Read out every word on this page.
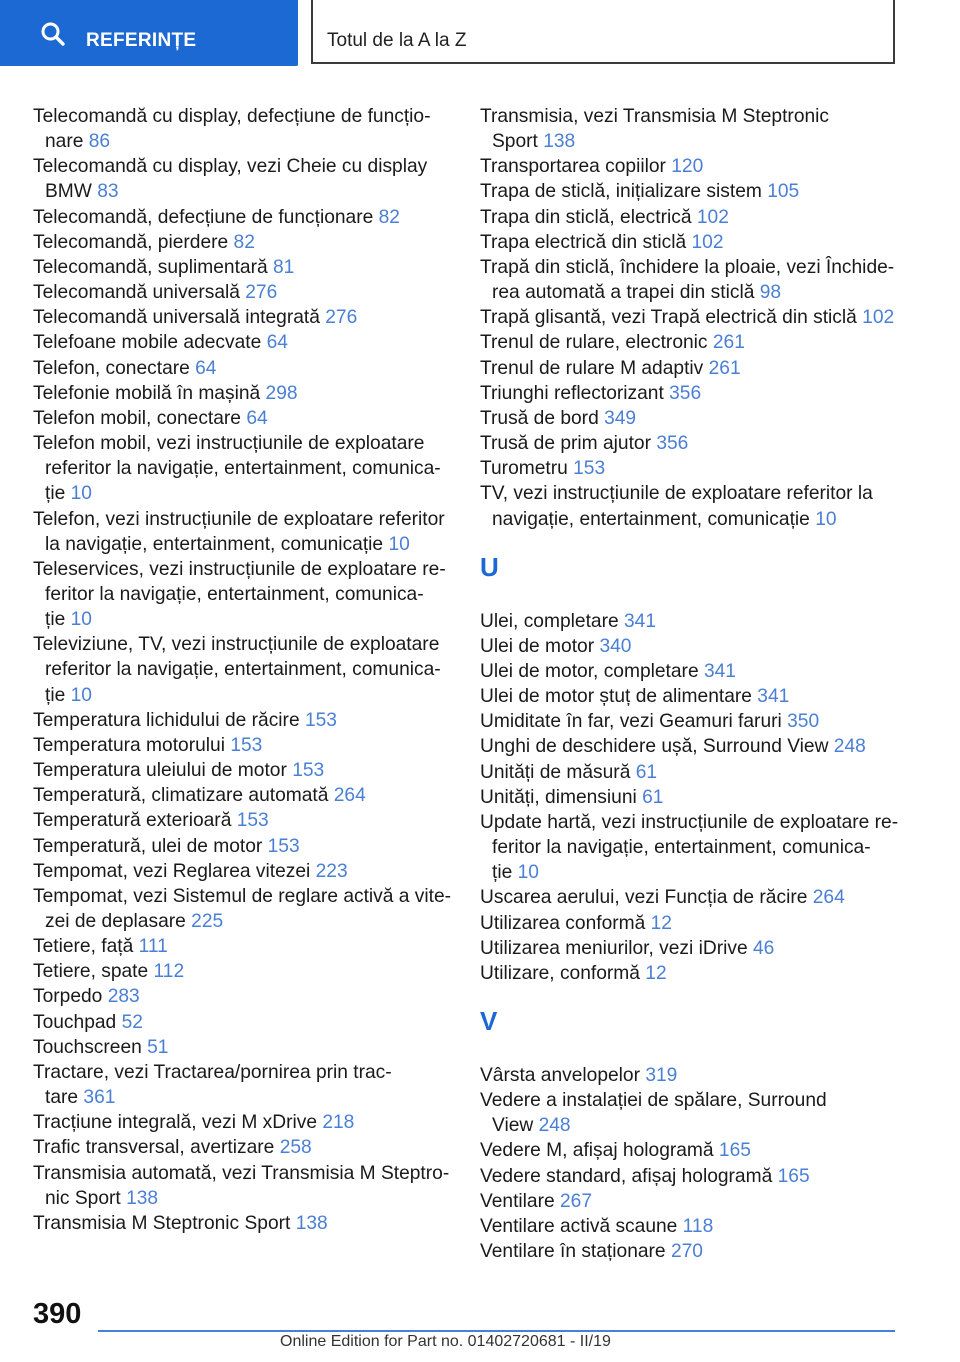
REFERINȚE	Totul de la A la Z
Telecomandă cu display, defecțiune de funcțio-
nare 86
Telecomandă cu display, vezi Cheie cu display
BMW 83
Telecomandă, defecțiune de funcționare 82
Telecomandă, pierdere 82
Telecomandă, suplimentară 81
Telecomandă universală 276
Telecomandă universală integrată 276
Telefoane mobile adecvate 64
Telefon, conectare 64
Telefonie mobilă în mașină 298
Telefon mobil, conectare 64
Telefon mobil, vezi instrucțiunile de exploatare
referitor la navigație, entertainment, comunica-
ție 10
Telefon, vezi instrucțiunile de exploatare referitor
la navigație, entertainment, comunicație 10
Teleservices, vezi instrucțiunile de exploatare re-
feritor la navigație, entertainment, comunica-
ție 10
Televiziune, TV, vezi instrucțiunile de exploatare
referitor la navigație, entertainment, comunica-
ție 10
Temperatura lichidului de răcire 153
Temperatura motorului 153
Temperatura uleiului de motor 153
Temperatură, climatizare automată 264
Temperatură exterioară 153
Temperatură, ulei de motor 153
Tempomat, vezi Reglarea vitezei 223
Tempomat, vezi Sistemul de reglare activă a vite-
zei de deplasare 225
Tetiere, față 111
Tetiere, spate 112
Torpedo 283
Touchpad 52
Touchscreen 51
Tractare, vezi Tractarea/pornirea prin trac-
tare 361
Tracțiune integrală, vezi M xDrive 218
Trafic transversal, avertizare 258
Transmisia automată, vezi Transmisia M Steptro-
nic Sport 138
Transmisia M Steptronic Sport 138
Transmisia, vezi Transmisia M Steptronic
Sport 138
Transportarea copiilor 120
Trapa de sticlă, inițializare sistem 105
Trapa din sticlă, electrică 102
Trapa electrică din sticlă 102
Trapă din sticlă, închidere la ploaie, vezi Închide-
rea automată a trapei din sticlă 98
Trapă glisantă, vezi Trapă electrică din sticlă 102
Trenul de rulare, electronic 261
Trenul de rulare M adaptiv 261
Triunghi reflectorizant 356
Trusă de bord 349
Trusă de prim ajutor 356
Turometru 153
TV, vezi instrucțiunile de exploatare referitor la
navigație, entertainment, comunicație 10
U
Ulei, completare 341
Ulei de motor 340
Ulei de motor, completare 341
Ulei de motor ștuț de alimentare 341
Umiditate în far, vezi Geamuri faruri 350
Unghi de deschidere ușă, Surround View 248
Unități de măsură 61
Unități, dimensiuni 61
Update hartă, vezi instrucțiunile de exploatare re-
feritor la navigație, entertainment, comunica-
ție 10
Uscarea aerului, vezi Funcția de răcire 264
Utilizarea conformă 12
Utilizarea meniurilor, vezi iDrive 46
Utilizare, conformă 12
V
Vârsta anvelopelor 319
Vedere a instalației de spălare, Surround
View 248
Vedere M, afișaj hologramă 165
Vedere standard, afișaj hologramă 165
Ventilare 267
Ventilare activă scaune 118
Ventilare în staționare 270
390
Online Edition for Part no. 01402720681 - II/19
